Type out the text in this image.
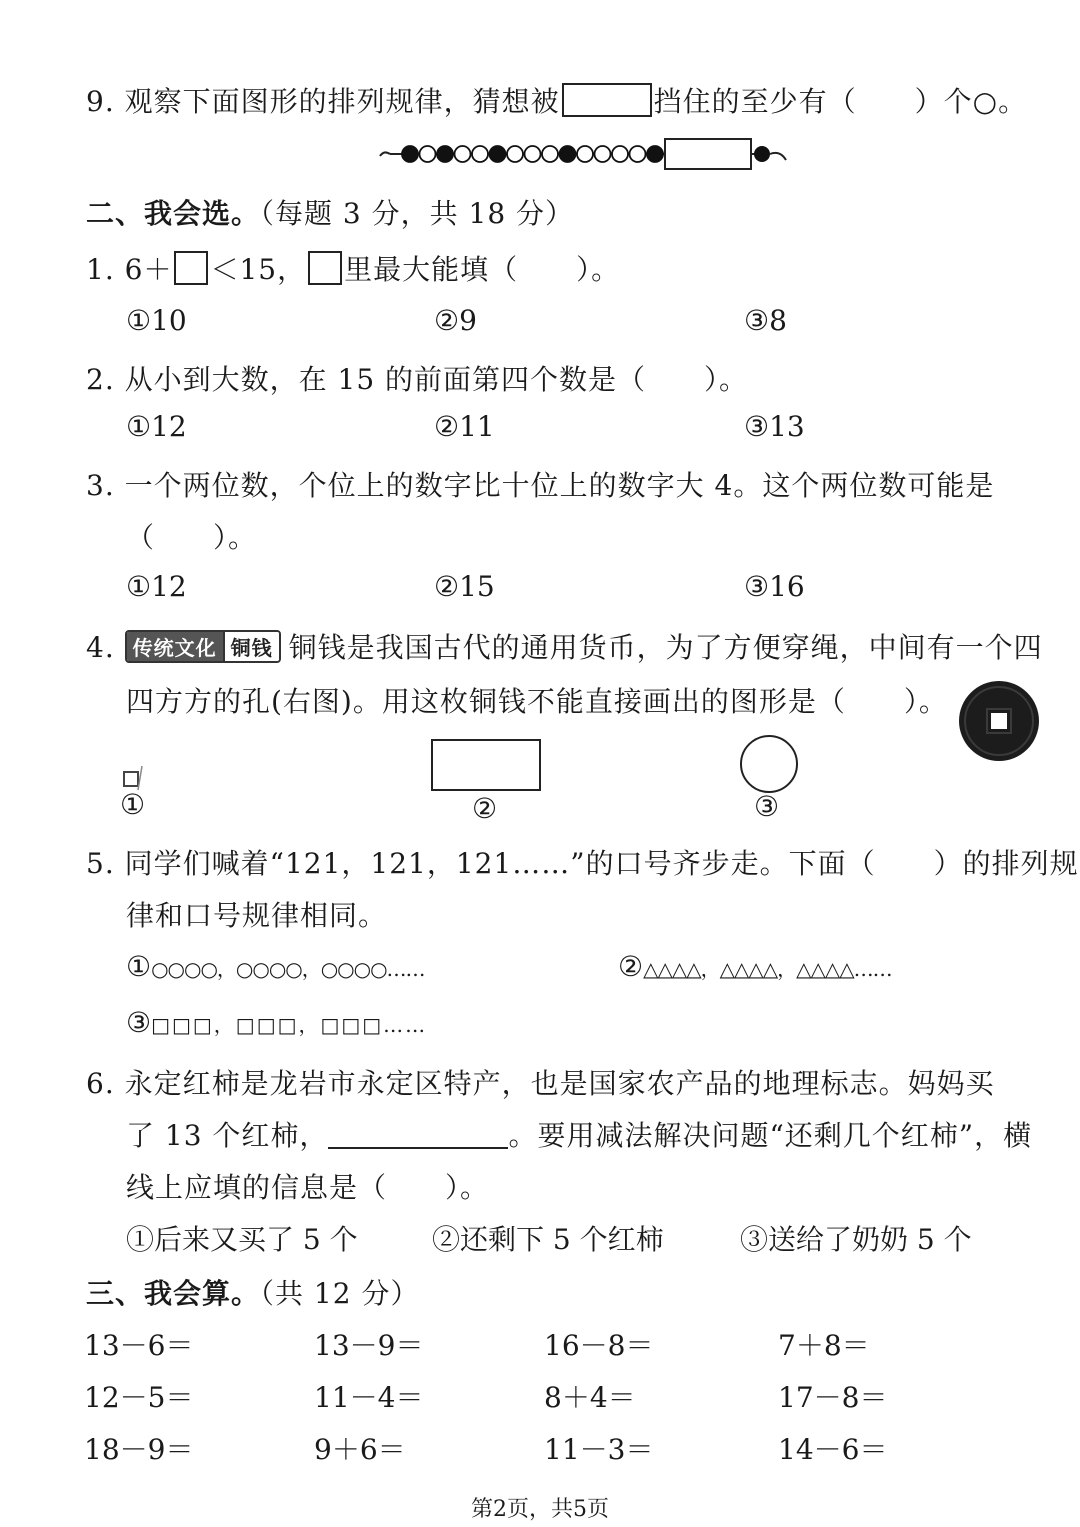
9. 观察下面图形的排列规律，猜想被	挡住的至少有（　　）个○。
二、我会选。（每题 3 分，共 18 分）
1. 6＋ ＜15， 里最大能填（　　）。
①10	②9	③8
2. 从小到大数，在 15 的前面第四个数是（　　）。
①12	②11	③13
3. 一个两位数，个位上的数字比十位上的数字大 4。这个两位数可能是
（　　）。
①12	②15	③16
4. 传统文化 铜钱 铜钱是我国古代的通用货币，为了方便穿绳，中间有一个四
四方方的孔(右图)。用这枚铜钱不能直接画出的图形是（　　）。
①	②	③
5. 同学们喊着“121，121，121……”的口号齐步走。下面（　　）的排列规
律和口号规律相同。
①○○○○，○○○○，○○○○……	②△△△△，△△△△，△△△△……
③□□□，□□□，□□□……
6. 永定红柿是龙岩市永定区特产，也是国家农产品的地理标志。妈妈买
了 13 个红柿，	。要用减法解决问题“还剩几个红柿”，横
线上应填的信息是（　　）。
①后来又买了 5 个	②还剩下 5 个红柿	③送给了奶奶 5 个
三、我会算。（共 12 分）
13－6＝	13－9＝	16－8＝	7＋8＝
12－5＝	11－4＝	8＋4＝	17－8＝
18－9＝	9＋6＝	11－3＝	14－6＝
第2页，共5页
